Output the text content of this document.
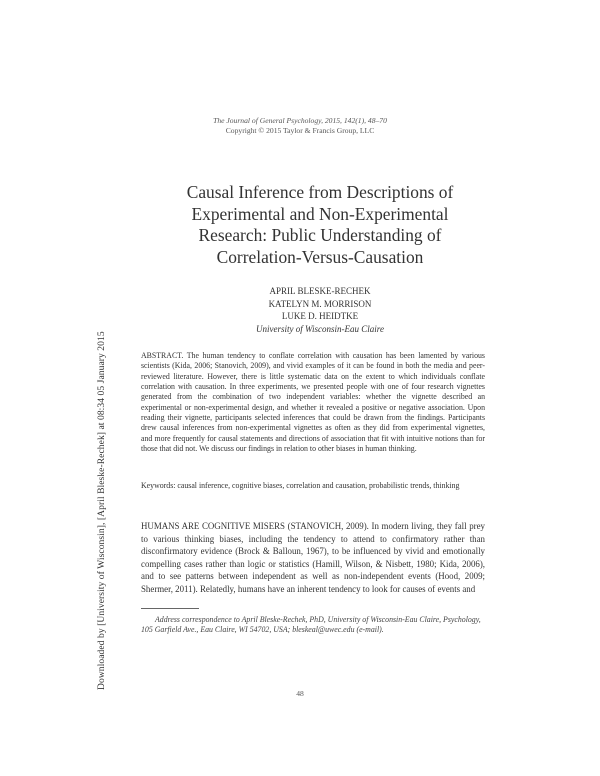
The Journal of General Psychology, 2015, 142(1), 48–70
Copyright © 2015 Taylor & Francis Group, LLC
Downloaded by [University of Wisconsin], [April Bleske-Rechek] at 08:34 05 January 2015
Causal Inference from Descriptions of
Experimental and Non-Experimental
Research: Public Understanding of
Correlation-Versus-Causation
APRIL BLESKE-RECHEK
KATELYN M. MORRISON
LUKE D. HEIDTKE
University of Wisconsin-Eau Claire
ABSTRACT. The human tendency to conflate correlation with causation has been lamented by various scientists (Kida, 2006; Stanovich, 2009), and vivid examples of it can be found in both the media and peer-reviewed literature. However, there is little systematic data on the extent to which individuals conflate correlation with causation. In three experiments, we presented people with one of four research vignettes generated from the combination of two independent variables: whether the vignette described an experimental or non-experimental design, and whether it revealed a positive or negative association. Upon reading their vignette, participants selected inferences that could be drawn from the findings. Participants drew causal inferences from non-experimental vignettes as often as they did from experimental vignettes, and more frequently for causal statements and directions of association that fit with intuitive notions than for those that did not. We discuss our findings in relation to other biases in human thinking.
Keywords: causal inference, cognitive biases, correlation and causation, probabilistic trends, thinking
HUMANS ARE COGNITIVE MISERS (STANOVICH, 2009). In modern living, they fall prey to various thinking biases, including the tendency to attend to confirmatory rather than disconfirmatory evidence (Brock & Balloun, 1967), to be influenced by vivid and emotionally compelling cases rather than logic or statistics (Hamill, Wilson, & Nisbett, 1980; Kida, 2006), and to see patterns between independent as well as non-independent events (Hood, 2009; Shermer, 2011). Relatedly, humans have an inherent tendency to look for causes of events and
Address correspondence to April Bleske-Rechek, PhD, University of Wisconsin-Eau Claire, Psychology, 105 Garfield Ave., Eau Claire, WI 54702, USA; bleskeal@uwec.edu (e-mail).
48
